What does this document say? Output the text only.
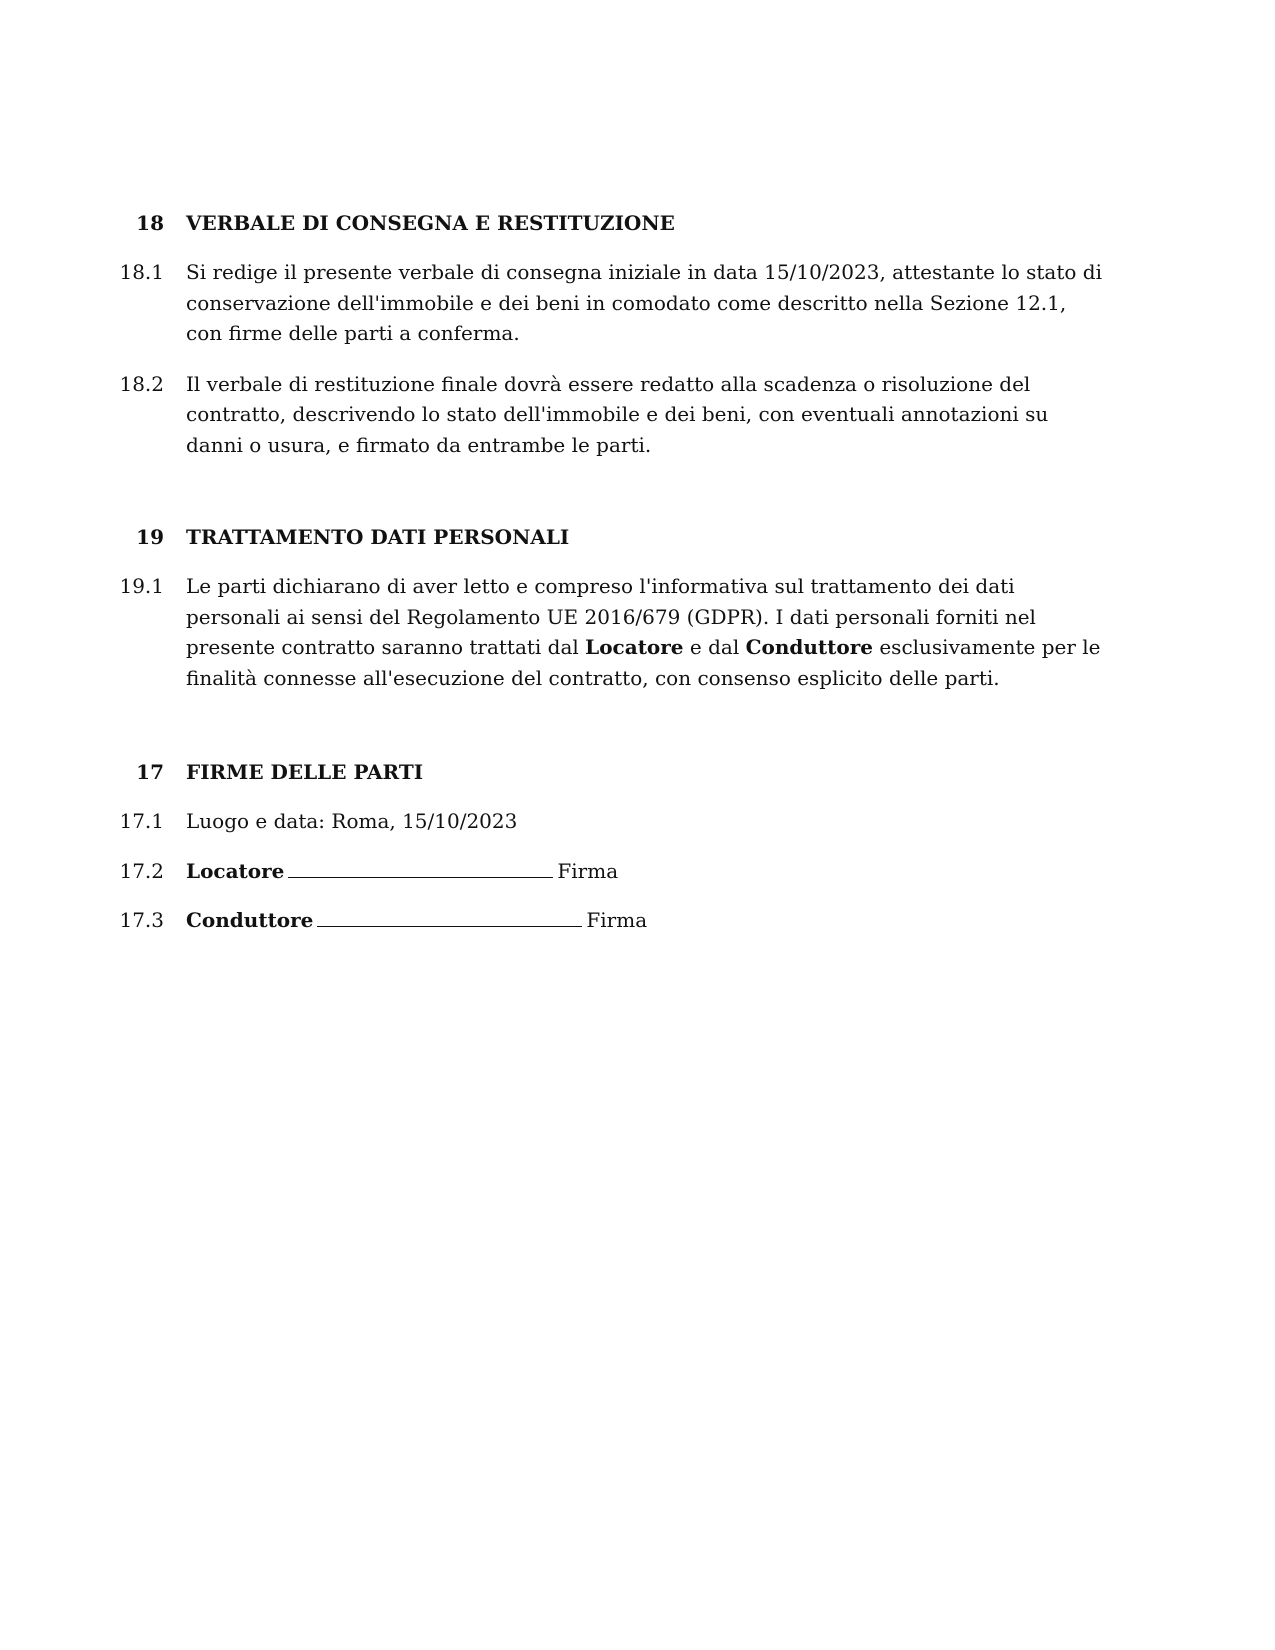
18	VERBALE DI CONSEGNA E RESTITUZIONE
18.1	Si redige il presente verbale di consegna iniziale in data 15/10/2023, attestante lo stato di conservazione dell'immobile e dei beni in comodato come descritto nella Sezione 12.1, con firme delle parti a conferma.
18.2	Il verbale di restituzione finale dovrà essere redatto alla scadenza o risoluzione del contratto, descrivendo lo stato dell'immobile e dei beni, con eventuali annotazioni su danni o usura, e firmato da entrambe le parti.
19	TRATTAMENTO DATI PERSONALI
19.1	Le parti dichiarano di aver letto e compreso l'informativa sul trattamento dei dati personali ai sensi del Regolamento UE 2016/679 (GDPR). I dati personali forniti nel presente contratto saranno trattati dal Locatore e dal Conduttore esclusivamente per le finalità connesse all'esecuzione del contratto, con consenso esplicito delle parti.
17	FIRME DELLE PARTI
17.1	Luogo e data: Roma, 15/10/2023
17.2	Locatore	Firma
17.3	Conduttore	Firma
